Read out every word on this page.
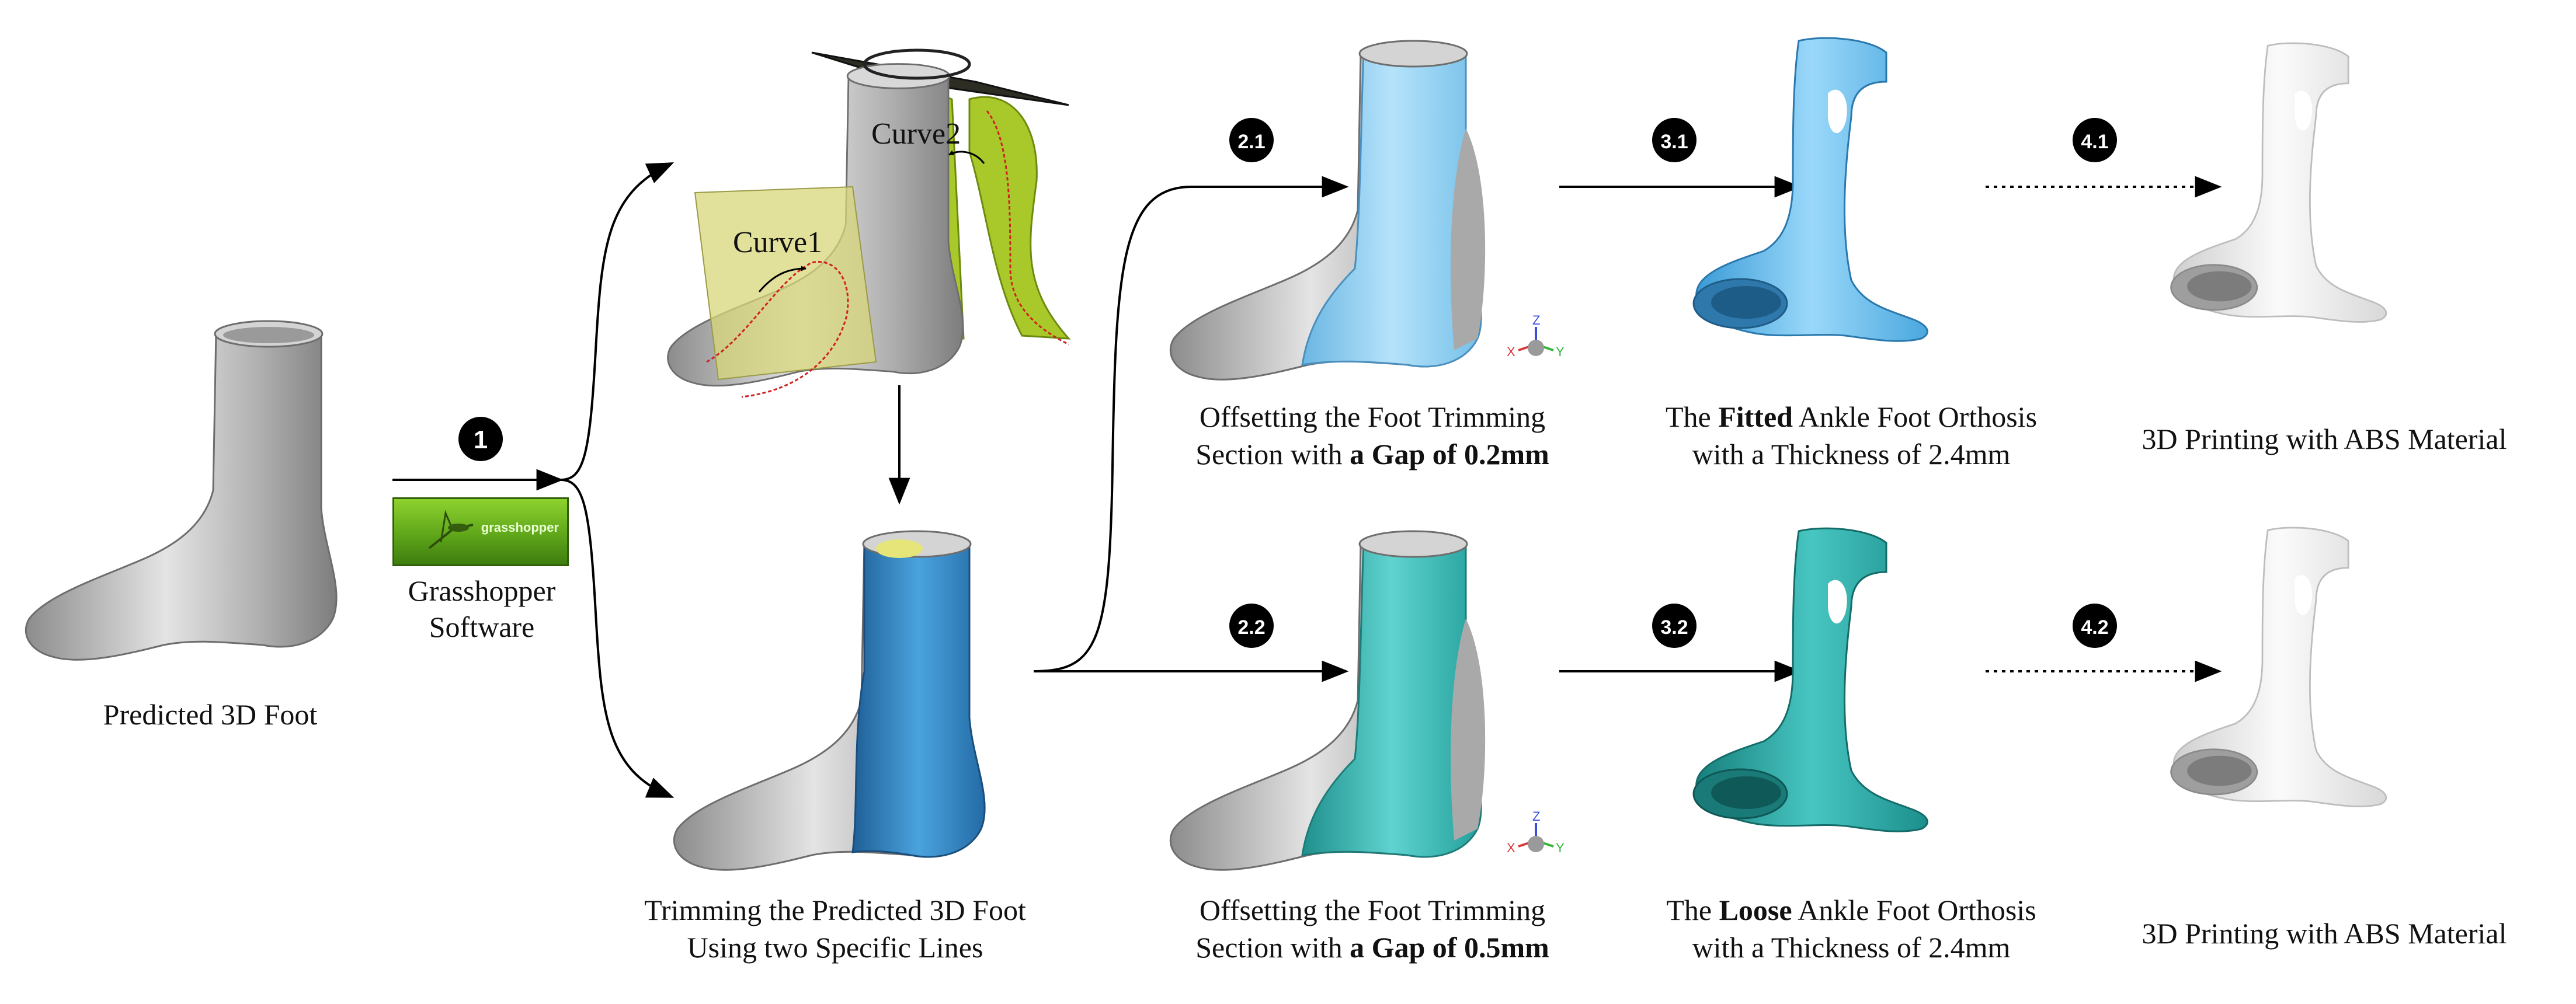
Z
X	Y
Z
X	Y
1
2.1
2.2
3.1
3.2
4.1
4.2
Curve1
Curve2
grasshopper
Predicted 3D Foot
Grasshopper
Software
Trimming the Predicted 3D Foot
Using two Specific Lines
Offsetting the Foot Trimming
Section with a Gap of 0.2mm
Offsetting the Foot Trimming
Section with a Gap of 0.5mm
The Fitted Ankle Foot Orthosis
with a Thickness of 2.4mm
The Loose Ankle Foot Orthosis
with a Thickness of 2.4mm
3D Printing with ABS Material
3D Printing with ABS Material
